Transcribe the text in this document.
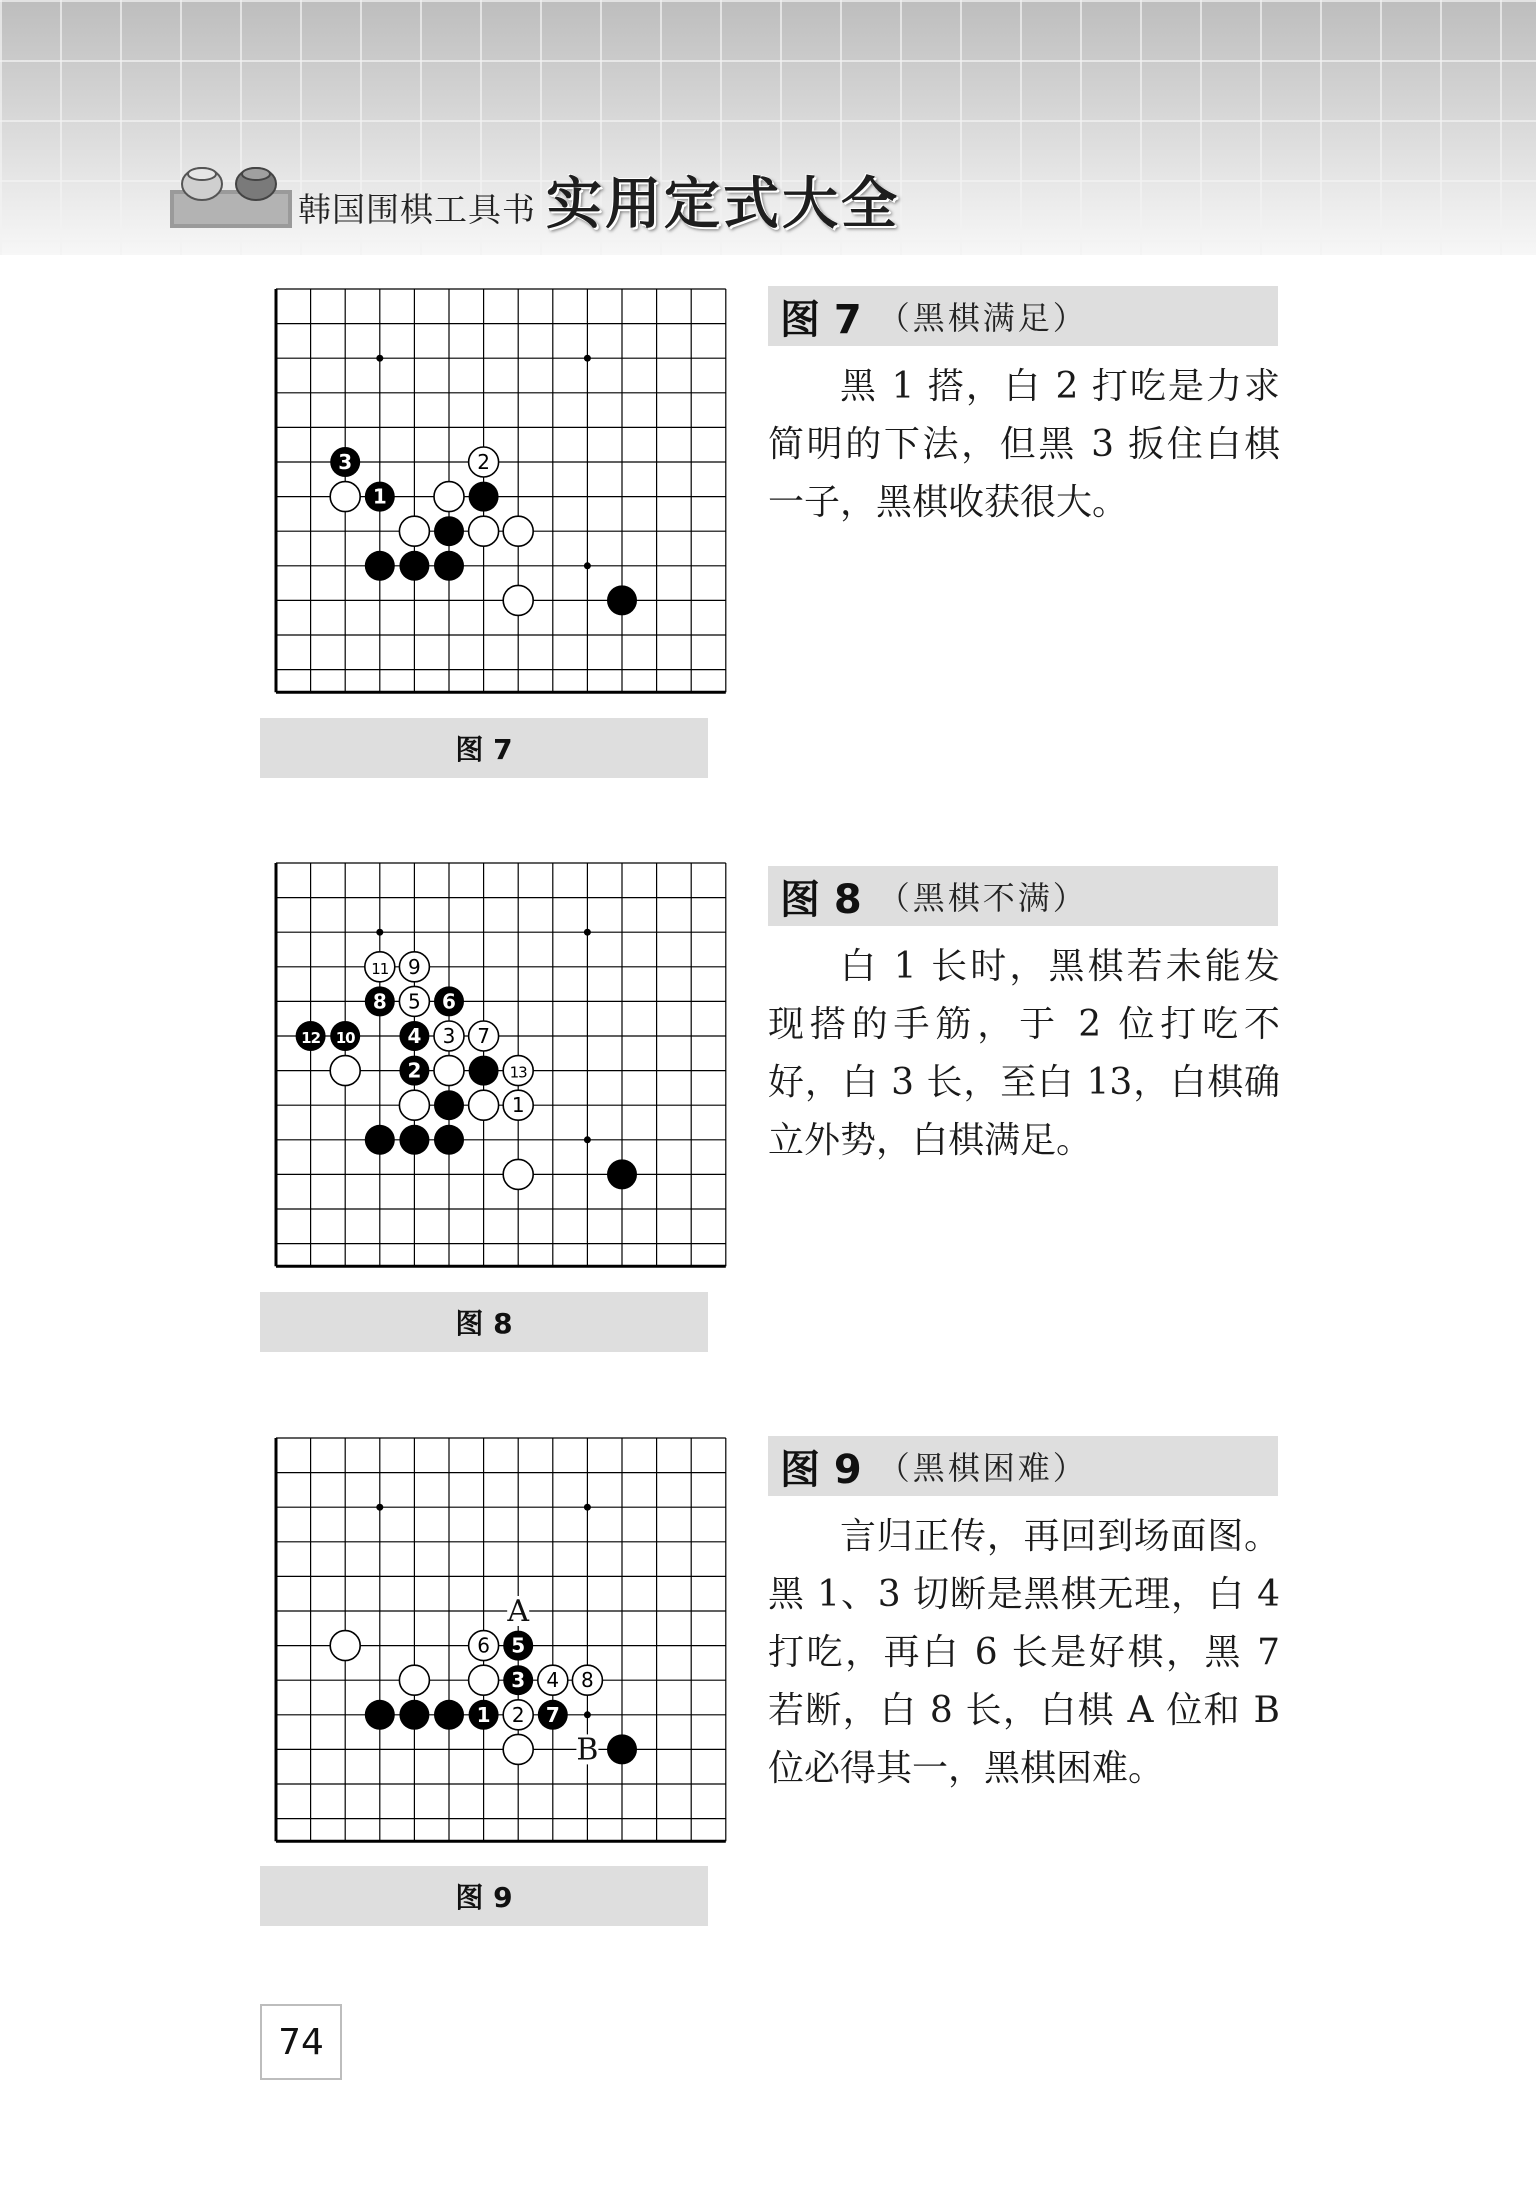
韩国围棋工具书 实用定式大全
3	2
1
图 7
图 7 （黑棋满足）

黑 1 搭，白 2 打吃是力求简明的下法，但黑 3 扳住白棋一子，黑棋收获很大。

11 9
8 5 6
12 10	4 3 7
2	13
1
图 8
图 8 （黑棋不满）

白 1 长时，黑棋若未能发现搭的手筋，于 2 位打吃不好，白 3 长，至白 13，白棋确立外势，白棋满足。

6 5
3 4 8
1 2 7
A
B
图 9
图 9 （黑棋困难）

言归正传，再回到场面图。黑 1、3 切断是黑棋无理，白 4 打吃，再白 6 长是好棋，黑 7 若断，白 8 长，白棋 A 位和 B 位必得其一，黑棋困难。

74
